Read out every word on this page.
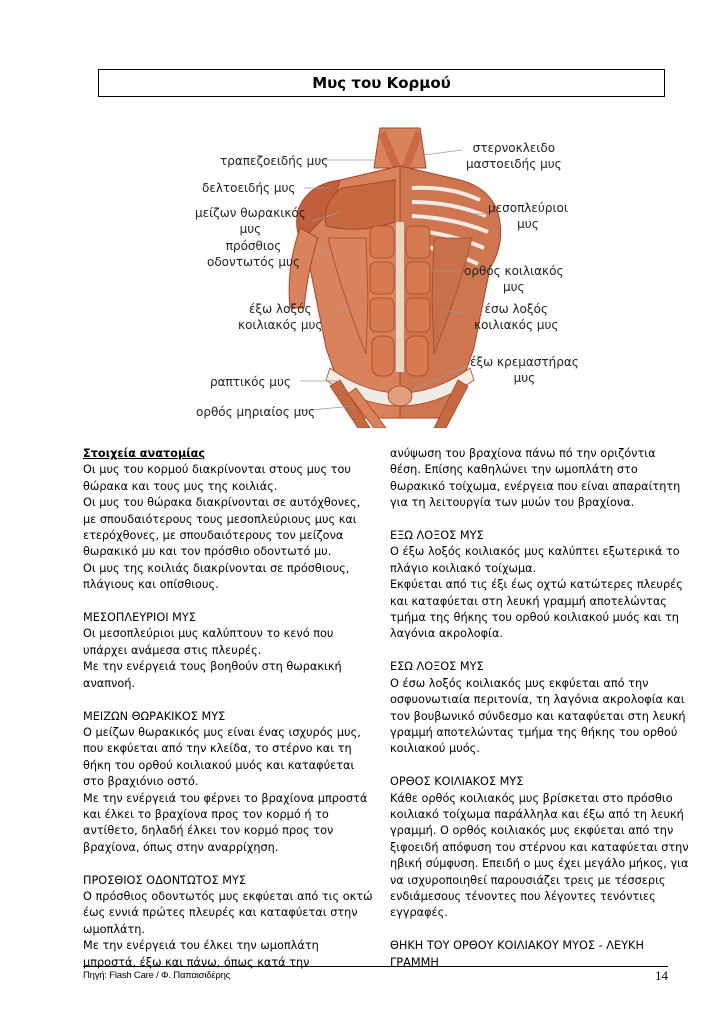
Μυς του Κορμού
τραπεζοειδής μυς
δελτοειδής μυς
μείζων θωρακικός
μυς
πρόσθιος
οδοντωτός μυς
έξω λοξός
κοιλιακός μυς
ραπτικός μυς
ορθός μηριαίος μυς
στερνοκλειδο
μαστοειδής μυς
μεσοπλεύριοι
μυς
ορθός κοιλιακός
μυς
έσω λοξός
κοιλιακός μυς
έξω κρεμαστήρας
μυς
Στοιχεία ανατομίας
Οι μυς του κορμού διακρίνονται στους μυς του θώρακα και τους μυς της κοιλιάς.
Οι μυς του θώρακα διακρίνονται σε αυτόχθονες, με σπουδαιότερους τους μεσοπλεύριους μυς και ετερόχθονες, με σπουδαιότερους τον μείζονα θωρακικό μυ και τον πρόσθιο οδοντωτό μυ.
Οι μυς της κοιλιάς διακρίνονται σε πρόσθιους, πλάγιους και οπίσθιους.

ΜΕΣΟΠΛΕΥΡΙΟΙ ΜΥΣ
Οι μεσοπλεύριοι μυς καλύπτουν το κενό που υπάρχει ανάμεσα στις πλευρές.
Με την ενέργειά τους βοηθούν στη θωρακική αναπνοή.

ΜΕΙΖΩΝ ΘΩΡΑΚΙΚΟΣ ΜΥΣ
Ο μείζων θωρακικός μυς είναι ένας ισχυρός μυς, που εκφύεται από την κλείδα, το στέρνο και τη θήκη του ορθού κοιλιακού μυός και καταφύεται στο βραχιόνιο οστό.
Με την ενέργειά του φέρνει το βραχίονα μπροστά και έλκει το βραχίονα προς τον κορμό ή το αντίθετο, δηλαδή έλκει τον κορμό προς τον βραχίονα, όπως στην αναρρίχηση.

ΠΡΟΣΘΙΟΣ ΟΔΟΝΤΩΤΟΣ ΜΥΣ
Ο πρόσθιος οδοντωτός μυς εκφύεται από τις οκτώ έως εννιά πρώτες πλευρές και καταφύεται στην ωμοπλάτη.
Με την ενέργειά του έλκει την ωμοπλάτη μπροστά, έξω και πάνω, όπως κατά την
ανύψωση του βραχίονα πάνω πό την οριζόντια θέση. Επίσης καθηλώνει την ωμοπλάτη στο θωρακικό τοίχωμα, ενέργεια που είναι απαραίτητη για τη λειτουργία των μυών του βραχίονα.

ΕΞΩ ΛΟΞΟΣ ΜΥΣ
Ο έξω λοξός κοιλιακός μυς καλύπτει εξωτερικά το πλάγιο κοιλιακό τοίχωμα.
Εκφύεται από τις έξι έως οχτώ κατώτερες πλευρές και καταφύεται στη λευκή γραμμή αποτελώντας τμήμα της θήκης του ορθού κοιλιακού μυός και τη λαγόνια ακρολοφία.

ΕΣΩ ΛΟΞΟΣ ΜΥΣ
Ο έσω λοξός κοιλιακός μυς εκφύεται από την οσφυονωτιαία περιτονία, τη λαγόνια ακρολοφία και τον βουβωνικό σύνδεσμο και καταφύεται στη λευκή γραμμή αποτελώντας τμήμα της θήκης του ορθού κοιλιακού μυός.

ΟΡΘΟΣ ΚΟΙΛΙΑΚΟΣ ΜΥΣ
Κάθε ορθός κοιλιακός μυς βρίσκεται στο πρόσθιο κοιλιακό τοίχωμα παράλληλα και έξω από τη λευκή γραμμή. Ο ορθός κοιλιακός μυς εκφύεται από την ξιφοειδή απόφυση του στέρνου και καταφύεται στην ηβική σύμφυση. Επειδή ο μυς έχει μεγάλο μήκος, για να ισχυροποιηθεί παρουσιάζει τρεις με τέσσερις ενδιάμεσους τένοντες που λέγοντες τενόντιες εγγραφές.

ΘΗΚΗ ΤΟΥ ΟΡΘΟΥ ΚΟΙΛΙΑΚΟΥ ΜΥΟΣ - ΛΕΥΚΗ ΓΡΑΜΜΗ
Πηγή: Flash Care / Φ. Παπαισιδέρης	14
